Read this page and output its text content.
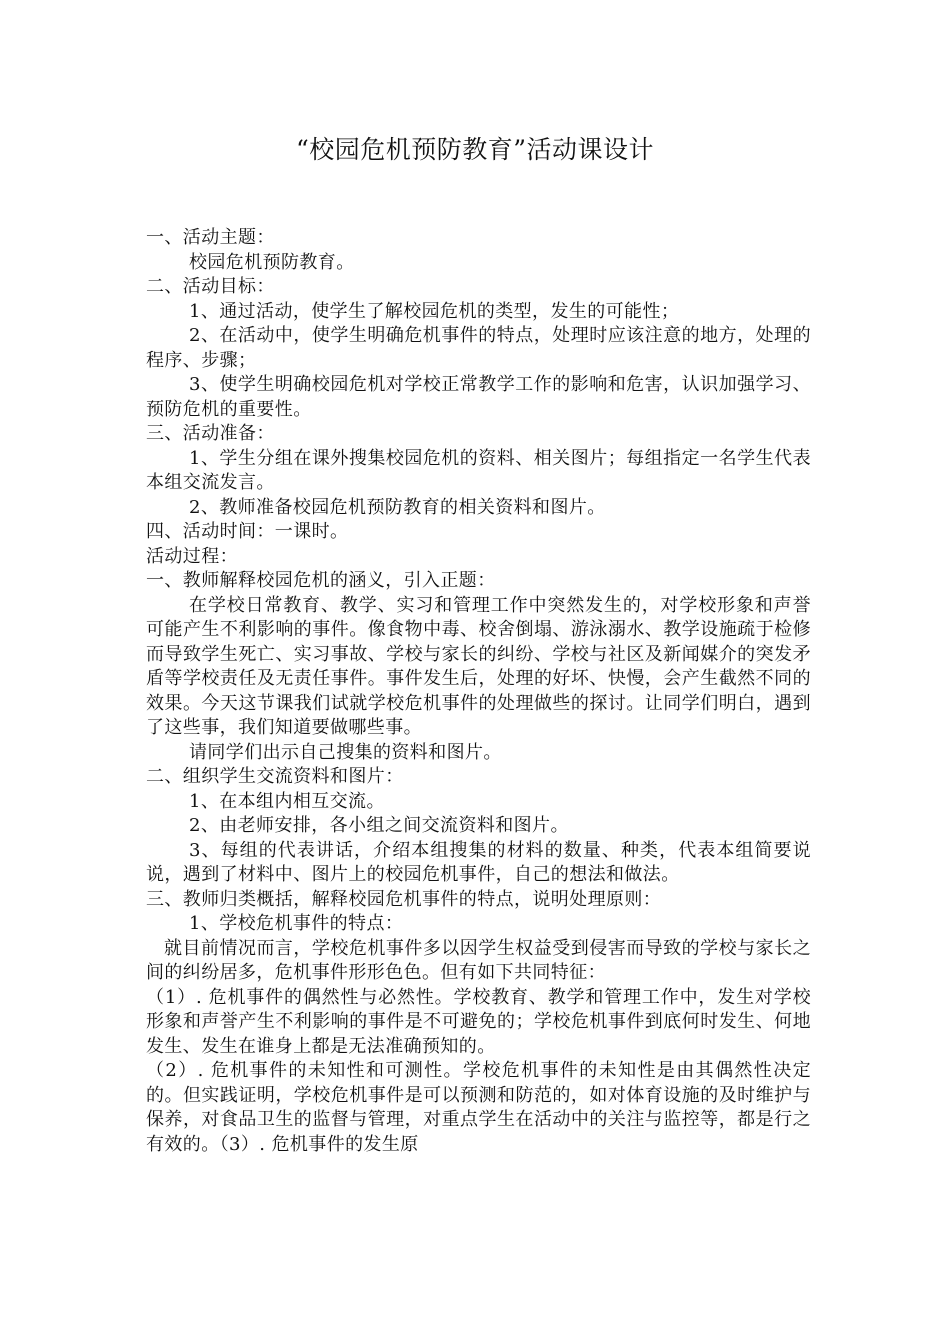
“校园危机预防教育”活动课设计

一、活动主题：

校园危机预防教育。

二、活动目标：

1、通过活动，使学生了解校园危机的类型，发生的可能性；

2、在活动中，使学生明确危机事件的特点，处理时应该注意的地方，处理的程序、步骤；

3、使学生明确校园危机对学校正常教学工作的影响和危害，认识加强学习、预防危机的重要性。

三、活动准备：

1、学生分组在课外搜集校园危机的资料、相关图片；每组指定一名学生代表本组交流发言。

2、教师准备校园危机预防教育的相关资料和图片。

四、活动时间：一课时。

活动过程：

一、教师解释校园危机的涵义，引入正题：

在学校日常教育、教学、实习和管理工作中突然发生的，对学校形象和声誉可能产生不利影响的事件。像食物中毒、校舍倒塌、游泳溺水、教学设施疏于检修而导致学生死亡、实习事故、学校与家长的纠纷、学校与社区及新闻媒介的突发矛盾等学校责任及无责任事件。事件发生后，处理的好坏、快慢，会产生截然不同的效果。今天这节课我们试就学校危机事件的处理做些的探讨。让同学们明白，遇到了这些事，我们知道要做哪些事。

请同学们出示自己搜集的资料和图片。

二、组织学生交流资料和图片：

1、在本组内相互交流。

2、由老师安排，各小组之间交流资料和图片。

3、每组的代表讲话，介绍本组搜集的材料的数量、种类，代表本组简要说说，遇到了材料中、图片上的校园危机事件，自己的想法和做法。

三、教师归类概括，解释校园危机事件的特点，说明处理原则：

1、学校危机事件的特点：

就目前情况而言，学校危机事件多以因学生权益受到侵害而导致的学校与家长之间的纠纷居多，危机事件形形色色。但有如下共同特征：

（1）. 危机事件的偶然性与必然性。学校教育、教学和管理工作中，发生对学校形象和声誉产生不利影响的事件是不可避免的；学校危机事件到底何时发生、何地发生、发生在谁身上都是无法准确预知的。

（2）. 危机事件的未知性和可测性。学校危机事件的未知性是由其偶然性决定的。但实践证明，学校危机事件是可以预测和防范的，如对体育设施的及时维护与保养，对食品卫生的监督与管理，对重点学生在活动中的关注与监控等，都是行之有效的。（3）. 危机事件的发生原
